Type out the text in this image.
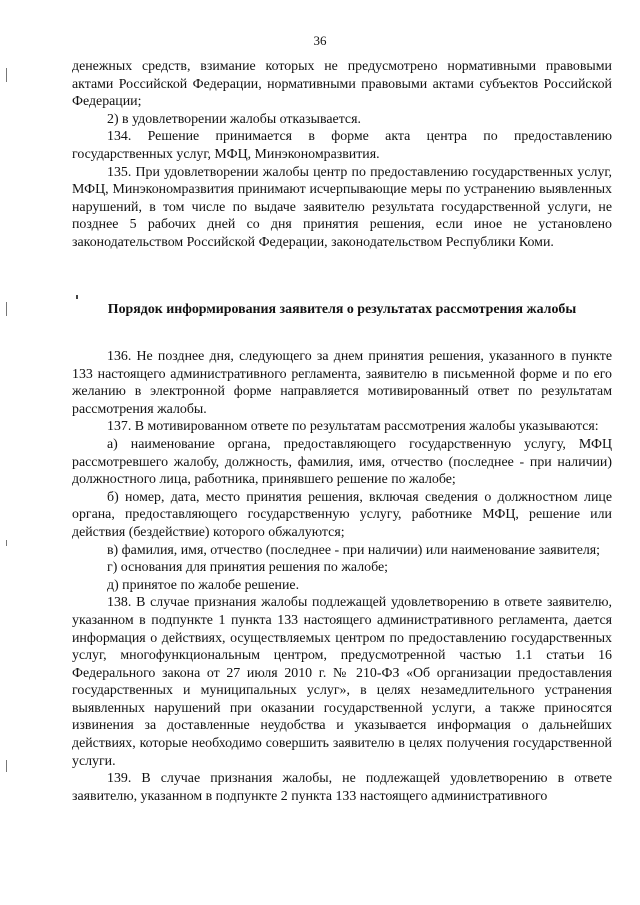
36

денежных средств, взимание которых не предусмотрено нормативными правовыми актами Российской Федерации, нормативными правовыми актами субъектов Российской Федерации;

2) в удовлетворении жалобы отказывается.

134. Решение принимается в форме акта центра по предоставлению государственных услуг, МФЦ, Минэкономразвития.

135. При удовлетворении жалобы центр по предоставлению государственных услуг, МФЦ, Минэкономразвития принимают исчерпывающие меры по устранению выявленных нарушений, в том числе по выдаче заявителю результата государственной услуги, не позднее 5 рабочих дней со дня принятия решения, если иное не установлено законодательством Российской Федерации, законодательством Республики Коми.

Порядок информирования заявителя о результатах рассмотрения жалобы

136. Не позднее дня, следующего за днем принятия решения, указанного в пункте 133 настоящего административного регламента, заявителю в письменной форме и по его желанию в электронной форме направляется мотивированный ответ по результатам рассмотрения жалобы.

137. В мотивированном ответе по результатам рассмотрения жалобы указываются:

а) наименование органа, предоставляющего государственную услугу, МФЦ рассмотревшего жалобу, должность, фамилия, имя, отчество (последнее - при наличии) должностного лица, работника, принявшего решение по жалобе;

б) номер, дата, место принятия решения, включая сведения о должностном лице органа, предоставляющего государственную услугу, работнике МФЦ, решение или действия (бездействие) которого обжалуются;

в) фамилия, имя, отчество (последнее - при наличии) или наименование заявителя;

г) основания для принятия решения по жалобе;

д) принятое по жалобе решение.

138. В случае признания жалобы подлежащей удовлетворению в ответе заявителю, указанном в подпункте 1 пункта 133 настоящего административного регламента, дается информация о действиях, осуществляемых центром по предоставлению государственных услуг, многофункциональным центром, предусмотренной частью 1.1 статьи 16 Федерального закона от 27 июля 2010 г. № 210-ФЗ «Об организации предоставления государственных и муниципальных услуг», в целях незамедлительного устранения выявленных нарушений при оказании государственной услуги, а также приносятся извинения за доставленные неудобства и указывается информация о дальнейших действиях, которые необходимо совершить заявителю в целях получения государственной услуги.

139. В случае признания жалобы, не подлежащей удовлетворению в ответе заявителю, указанном в подпункте 2 пункта 133 настоящего административного
